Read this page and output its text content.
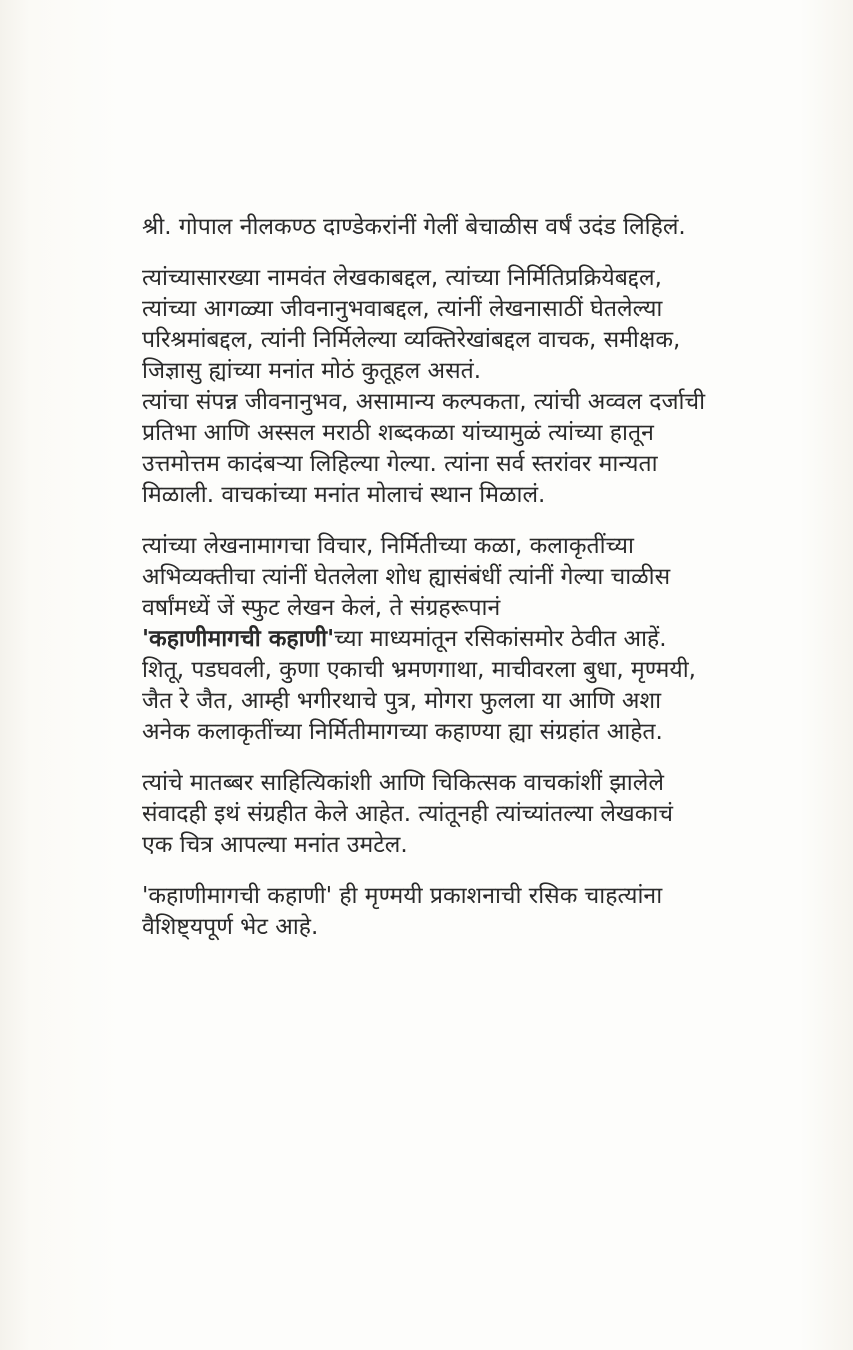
श्री. गोपाल नीलकण्ठ दाण्डेकरांनीं गेलीं बेचाळीस वर्षं उदंड लिहिलं.

त्यांच्यासारख्या नामवंत लेखकाबद्दल, त्यांच्या निर्मितिप्रक्रियेबद्दल,
त्यांच्या आगळ्या जीवनानुभवाबद्दल, त्यांनीं लेखनासाठीं घेतलेल्या
परिश्रमांबद्दल, त्यांनी निर्मिलेल्या व्यक्तिरेखांबद्दल वाचक, समीक्षक,
जिज्ञासु ह्यांच्या मनांत मोठं कुतूहल असतं.

त्यांचा संपन्न जीवनानुभव, असामान्य कल्पकता, त्यांची अव्वल दर्जाची
प्रतिभा आणि अस्सल मराठी शब्दकळा यांच्यामुळं त्यांच्या हातून
उत्तमोत्तम कादंबऱ्या लिहिल्या गेल्या. त्यांना सर्व स्तरांवर मान्यता
मिळाली. वाचकांच्या मनांत मोलाचं स्थान मिळालं.

त्यांच्या लेखनामागचा विचार, निर्मितीच्या कळा, कलाकृतींच्या
अभिव्यक्तीचा त्यांनीं घेतलेला शोध ह्यासंबंधीं त्यांनीं गेल्या चाळीस
वर्षांमध्यें जें स्फुट लेखन केलं, ते संग्रहरूपानं
'कहाणीमागची कहाणी'च्या माध्यमांतून रसिकांसमोर ठेवीत आहें.
शितू, पडघवली, कुणा एकाची भ्रमणगाथा, माचीवरला बुधा, मृण्मयी,
जैत रे जैत, आम्ही भगीरथाचे पुत्र, मोगरा फुलला या आणि अशा
अनेक कलाकृतींच्या निर्मितीमागच्या कहाण्या ह्या संग्रहांत आहेत.

त्यांचे मातब्बर साहित्यिकांशी आणि चिकित्सक वाचकांशीं झालेले
संवादही इथं संग्रहीत केले आहेत. त्यांतूनही त्यांच्यांतल्या लेखकाचं
एक चित्र आपल्या मनांत उमटेल.

'कहाणीमागची कहाणी' ही मृण्मयी प्रकाशनाची रसिक चाहत्यांना
वैशिष्ट्यपूर्ण भेट आहे.
